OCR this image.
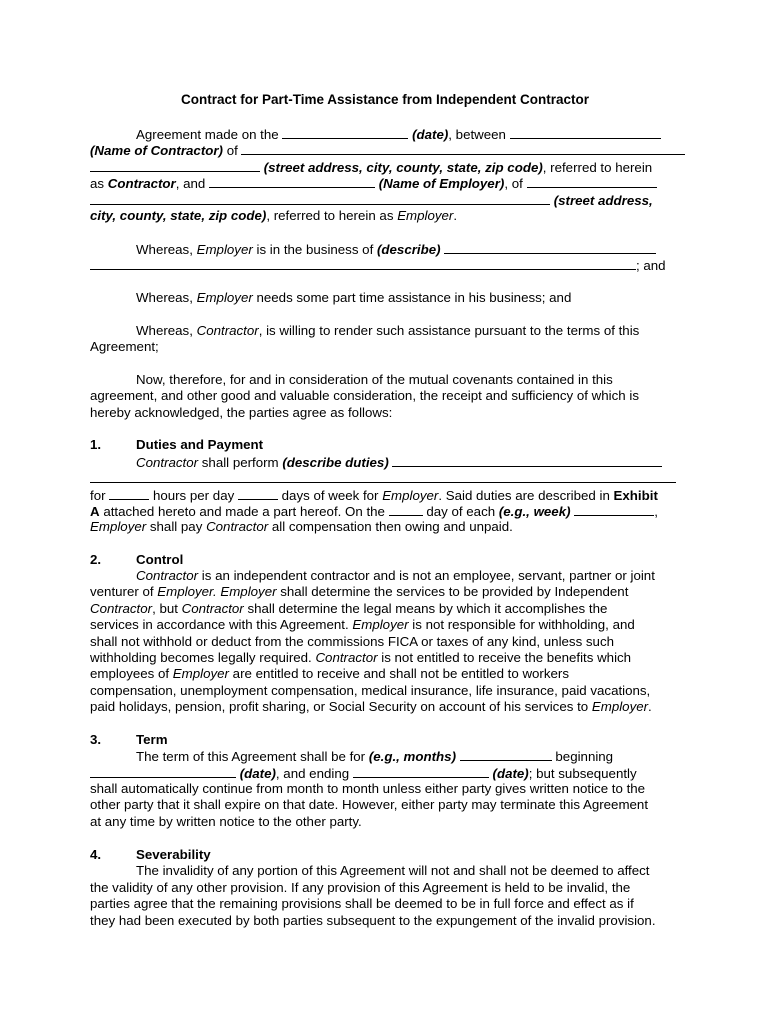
Contract for Part-Time Assistance from Independent Contractor
Agreement made on the	(date), between
(Name of Contractor) of
(street address, city, county, state, zip code), referred to herein
as Contractor, and	(Name of Employer), of
(street address,
city, county, state, zip code), referred to herein as Employer.
Whereas, Employer is in the business of (describe)
; and
Whereas, Employer needs some part time assistance in his business; and
Whereas, Contractor, is willing to render such assistance pursuant to the terms of this
Agreement;
Now, therefore, for and in consideration of the mutual covenants contained in this
agreement, and other good and valuable consideration, the receipt and sufficiency of which is
hereby acknowledged, the parties agree as follows:
1.	Duties and Payment
Contractor shall perform (describe duties)
for	hours per day	days of week for Employer. Said duties are described in Exhibit
A attached hereto and made a part hereof. On the	day of each (e.g., week)	,
Employer shall pay Contractor all compensation then owing and unpaid.
2.	Control
Contractor is an independent contractor and is not an employee, servant, partner or joint
venturer of Employer. Employer shall determine the services to be provided by Independent
Contractor, but Contractor shall determine the legal means by which it accomplishes the
services in accordance with this Agreement. Employer is not responsible for withholding, and
shall not withhold or deduct from the commissions FICA or taxes of any kind, unless such
withholding becomes legally required. Contractor is not entitled to receive the benefits which
employees of Employer are entitled to receive and shall not be entitled to workers
compensation, unemployment compensation, medical insurance, life insurance, paid vacations,
paid holidays, pension, profit sharing, or Social Security on account of his services to Employer.
3.	Term
The term of this Agreement shall be for (e.g., months)	beginning
(date), and ending	(date); but subsequently
shall automatically continue from month to month unless either party gives written notice to the
other party that it shall expire on that date. However, either party may terminate this Agreement
at any time by written notice to the other party.
4.	Severability
The invalidity of any portion of this Agreement will not and shall not be deemed to affect
the validity of any other provision. If any provision of this Agreement is held to be invalid, the
parties agree that the remaining provisions shall be deemed to be in full force and effect as if
they had been executed by both parties subsequent to the expungement of the invalid provision.
